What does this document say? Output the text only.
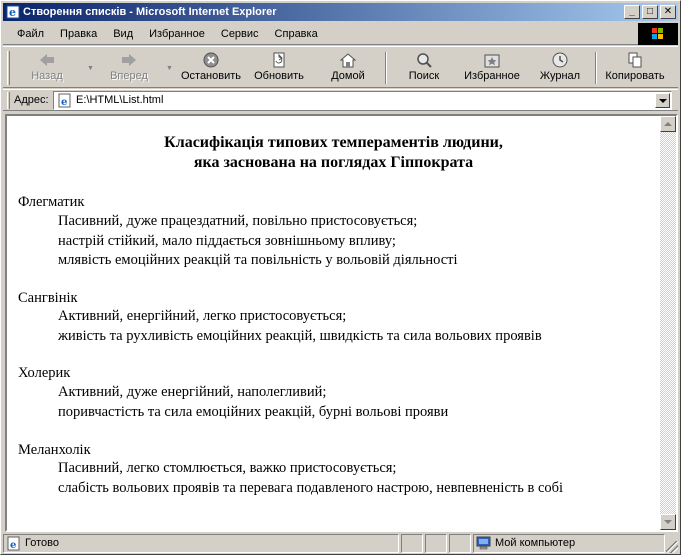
e Створення списків - Microsoft Internet Explorer	_	□	✕
Файл	Правка	Вид	Избранное	Сервис	Справка
Назад
▼
Вперед
▼
Остановить	Обновить	Домой	Поиск	Избранное	Журнал	Копировать
Адрес: e E:\HTML\List.html
Класифікація типових темпераментів людини,
яка заснована на поглядах Гіппократа
Флегматик
Пасивний, дуже працездатний, повільно пристосовується;
настрій стійкий, мало піддається зовнішньому впливу;
млявість емоційних реакцій та повільність у вольовій діяльності
Сангвінік
Активний, енергійний, легко пристосовується;
живість та рухливість емоційних реакцій, швидкість та сила вольових проявів
Холерик
Активний, дуже енергійний, наполегливий;
поривчастість та сила емоційних реакцій, бурні вольові прояви
Меланхолік
Пасивний, легко стомлюється, важко пристосовується;
слабість вольових проявів та перевага подавленого настрою, невпевненість в собі
e Готово	Мой компьютер
